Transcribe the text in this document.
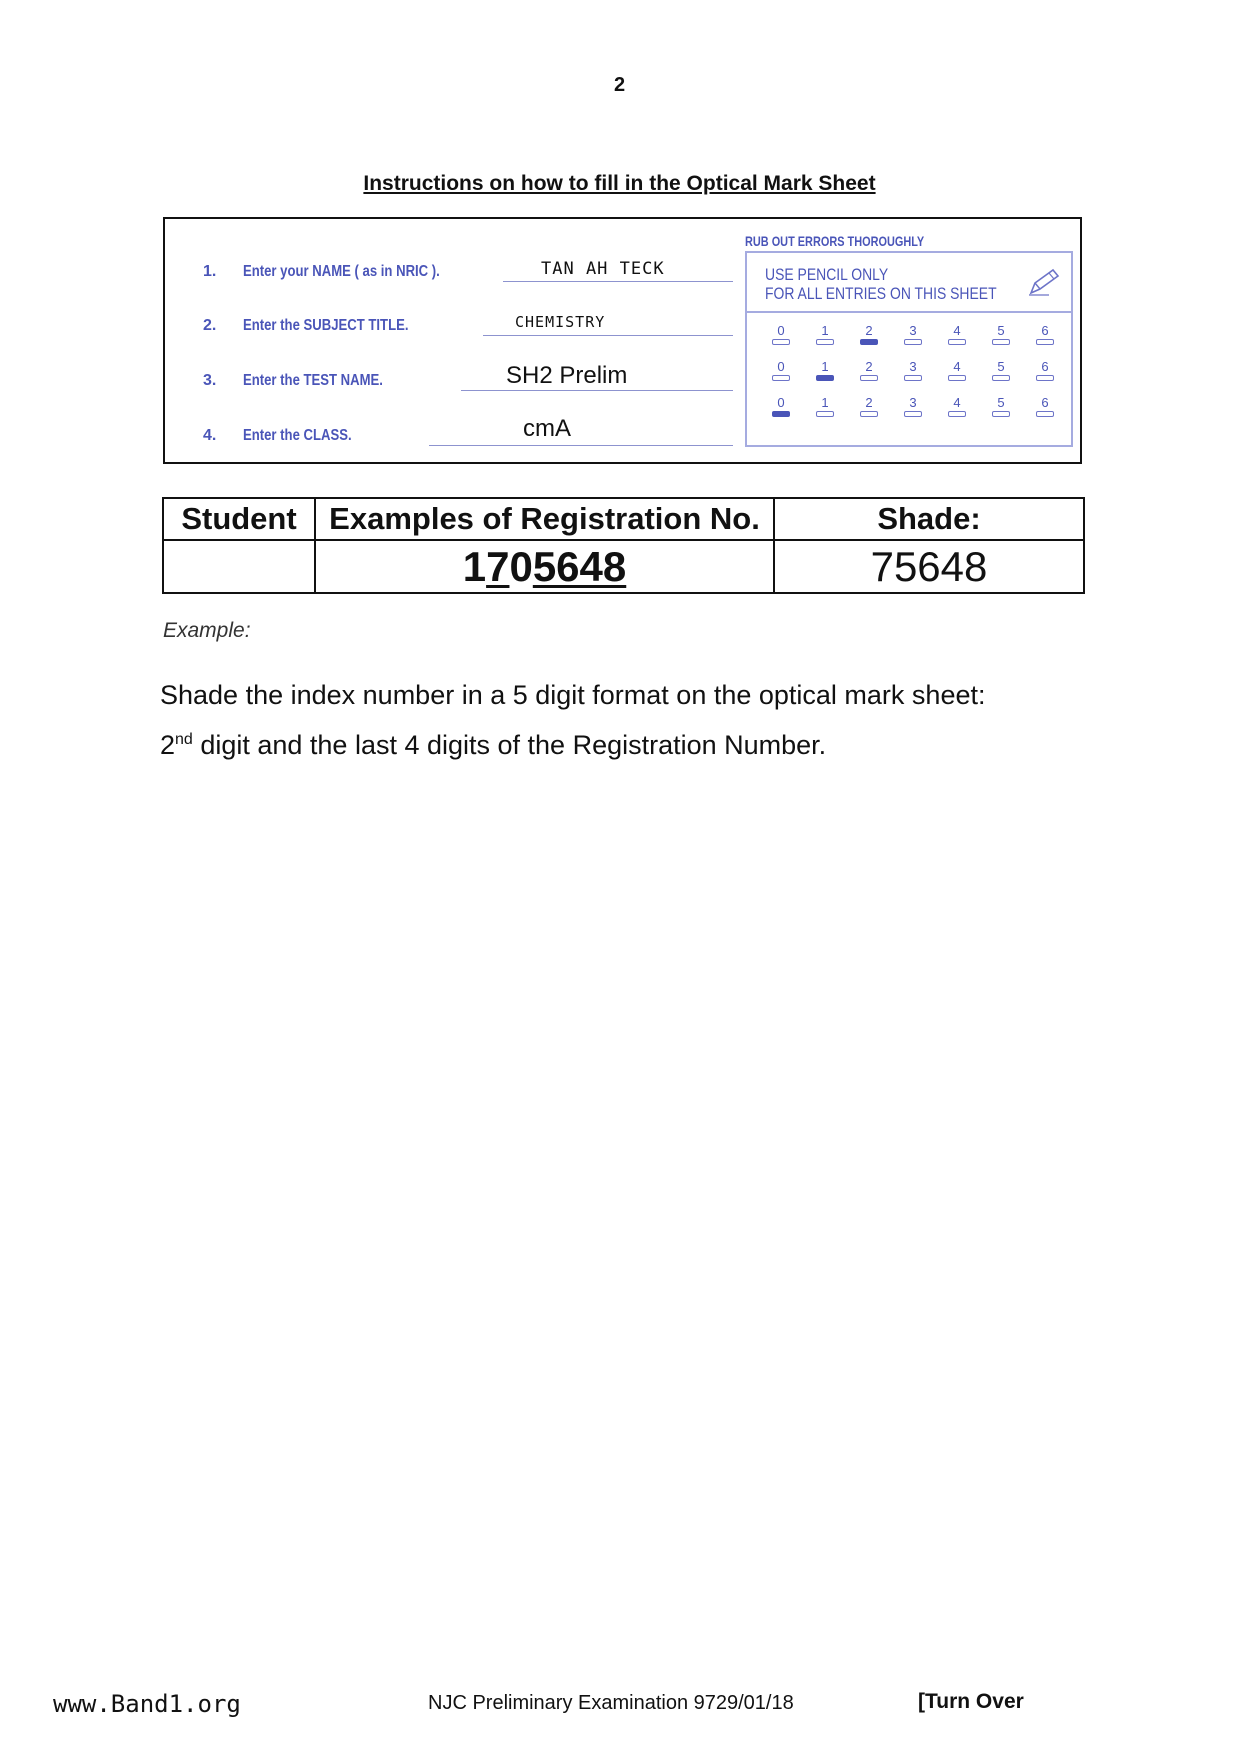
2
Instructions on how to fill in the Optical Mark Sheet
1. Enter your NAME ( as in NRIC ).	TAN AH TECK
2. Enter the SUBJECT TITLE.	CHEMISTRY
3. Enter the TEST NAME.	SH2 Prelim
4. Enter the CLASS.	cmA
RUB OUT ERRORS THOROUGHLY
USE PENCIL ONLY
FOR ALL ENTRIES ON THIS SHEET
0	1	2	3	4	5	6
0	1	2	3	4	5	6
0	1	2	3	4	5	6
Student	Examples of Registration No.	Shade:
	1705648	75648
Example:
Shade the index number in a 5 digit format on the optical mark sheet:
2nd digit and the last 4 digits of the Registration Number.
www.Band1.org	NJC Preliminary Examination 9729/01/18	[Turn Over
